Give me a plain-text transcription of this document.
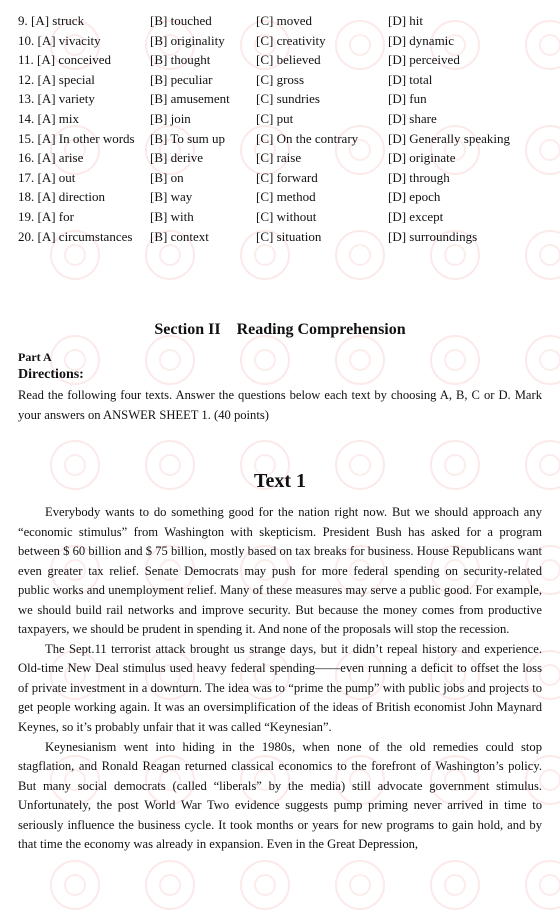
9. [A] struck	[B] touched	[C] moved	[D] hit
10. [A] vivacity	[B] originality [C] creativity	[D] dynamic
11. [A] conceived	[B] thought	[C] believed	[D] perceived
12. [A] special	[B] peculiar	[C] gross	[D] total
13. [A] variety	[B] amusement [C] sundries	[D] fun
14. [A] mix	[B] join	[C] put	[D] share
15. [A] In other words [B] To sum up [C] On the contrary [D] Generally speaking
16. [A] arise	[B] derive	[C] raise	[D] originate
17. [A] out	[B] on	[C] forward	[D] through
18. [A] direction	[B] way	[C] method	[D] epoch
19. [A] for	[B] with	[C] without	[D] except
20. [A] circumstances [B] context	[C] situation	[D] surroundings
Section II　Reading Comprehension
Part A
Directions:
Read the following four texts. Answer the questions below each text by choosing A, B, C or D. Mark your answers on ANSWER SHEET 1. (40 points)
Text 1

Everybody wants to do something good for the nation right now. But we should approach any “economic stimulus” from Washington with skepticism. President Bush has asked for a program between $ 60 billion and $ 75 billion, mostly based on tax breaks for business. House Republicans want even greater tax relief. Senate Democrats may push for more federal spending on security-related public works and unemployment relief. Many of these measures may serve a public good. For example, we should build rail networks and improve security. But because the money comes from productive taxpayers, we should be prudent in spending it. And none of the proposals will stop the recession.

The Sept.11 terrorist attack brought us strange days, but it didn’t repeal history and experience. Old-time New Deal stimulus used heavy federal spending——even running a deficit to offset the loss of private investment in a downturn. The idea was to “prime the pump” with public jobs and projects to get people working again. It was an oversimplification of the ideas of British economist John Maynard Keynes, so it’s probably unfair that it was called “Keynesian”.

Keynesianism went into hiding in the 1980s, when none of the old remedies could stop stagflation, and Ronald Reagan returned classical economics to the forefront of Washington’s policy. But many social democrats (called “liberals” by the media) still advocate government stimulus. Unfortunately, the post World War Two evidence suggests pump priming never arrived in time to seriously influence the business cycle. It took months or years for new programs to gain hold, and by that time the economy was already in expansion. Even in the Great Depression,
